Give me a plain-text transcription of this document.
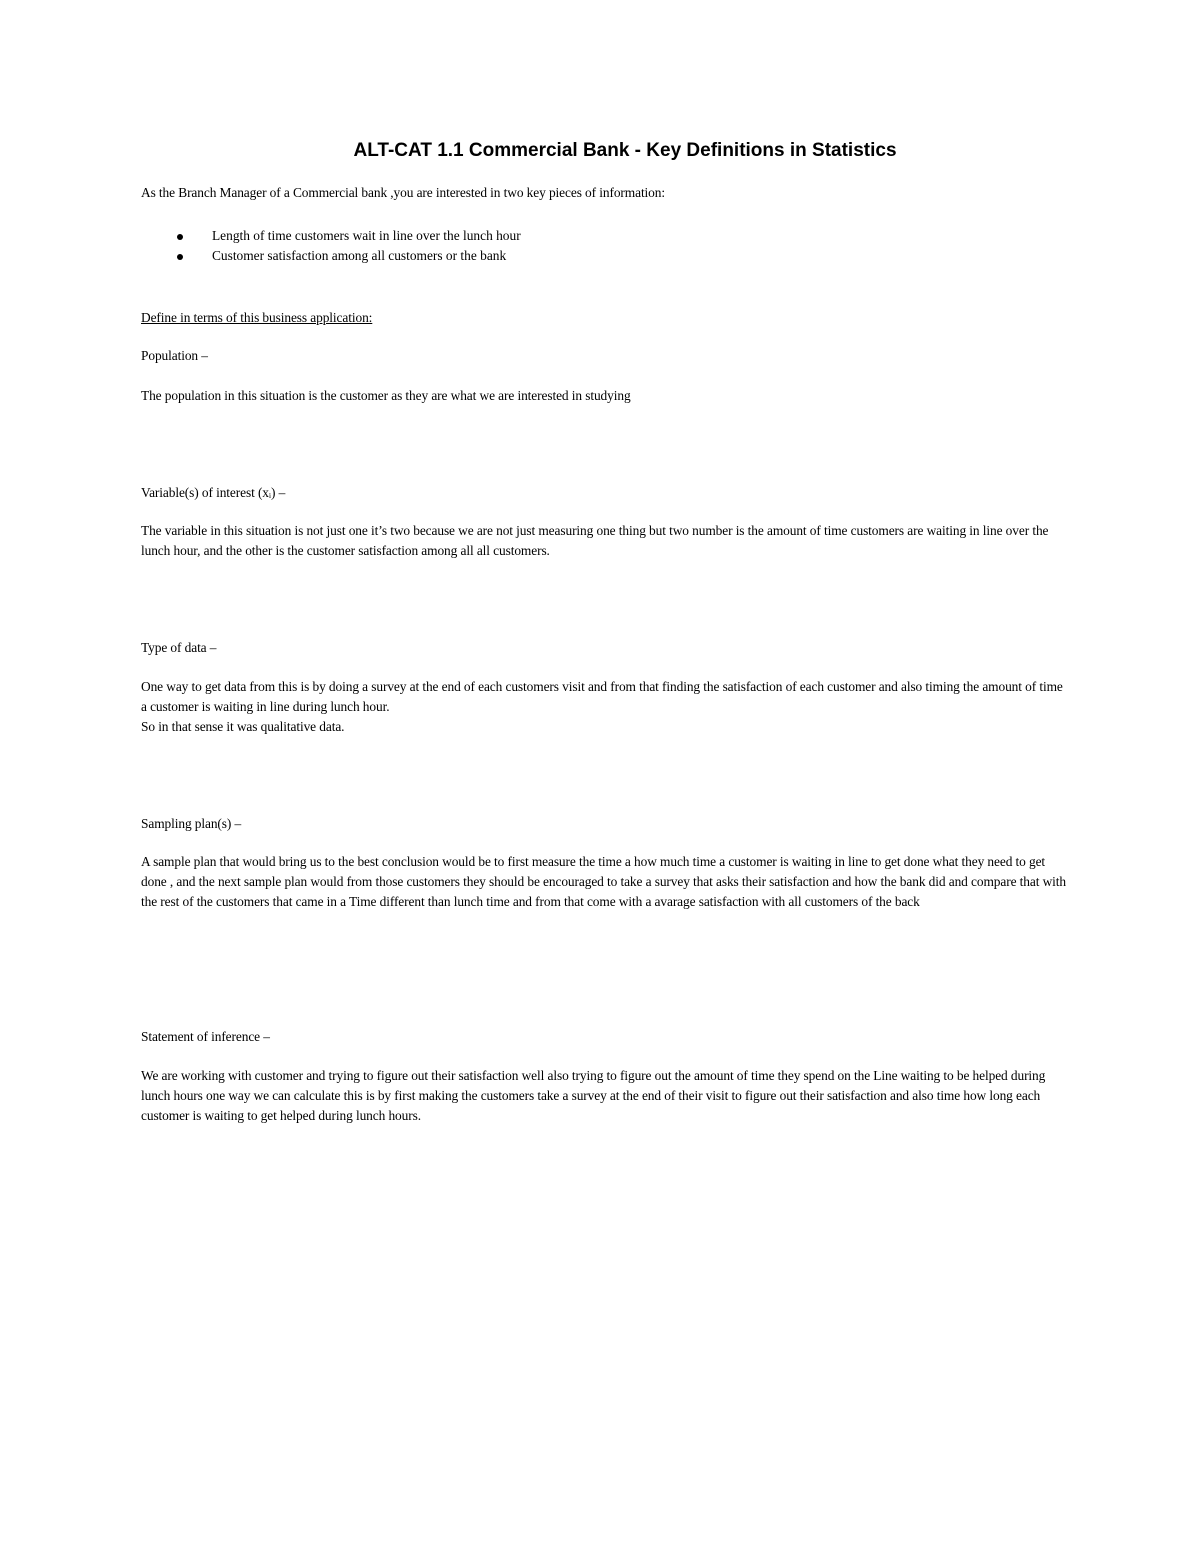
ALT-CAT 1.1 Commercial Bank - Key Definitions in Statistics

As the Branch Manager of a Commercial bank ,you are interested in two key pieces of information:

Length of time customers wait in line over the lunch hour
Customer satisfaction among all customers or the bank

Define in terms of this business application:

Population –

The population in this situation is the customer as they are what we are interested in studying

Variable(s) of interest (xᵢ) –

The variable in this situation is not just one it’s two because we are not just measuring one thing but two number is the amount of time customers are waiting in line over the lunch hour, and the other is the customer satisfaction among all all customers.

Type of data –

One way to get data from this is by doing a survey at the end of each customers visit and from that finding the satisfaction of each customer and also timing the amount of time a customer is waiting in line during lunch hour.

So in that sense it was qualitative data.

Sampling plan(s) –

A sample plan that would bring us to the best conclusion would be to first measure the time a how much time a customer is waiting in line to get done what they need to get done , and the next sample plan would from those customers they should be encouraged to take a survey that asks their satisfaction and how the bank did and compare that with the rest of the customers that came in a Time different than lunch time and from that come with a avarage satisfaction with all customers of the back

Statement of inference –

We are working with customer and trying to figure out their satisfaction well also trying to figure out the amount of time they spend on the Line waiting to be helped during lunch hours one way we can calculate this is by first making the customers take a survey at the end of their visit to figure out their satisfaction and also time how long each customer is waiting to get helped during lunch hours.
